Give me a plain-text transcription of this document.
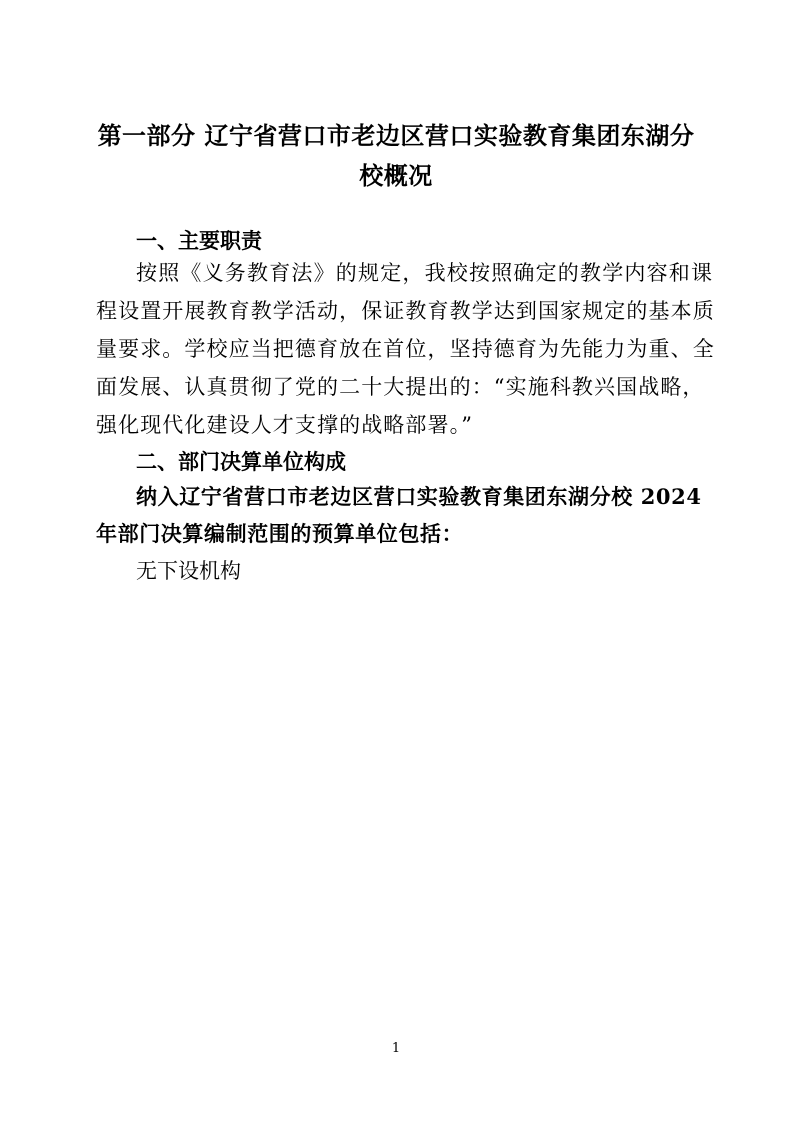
第一部分 辽宁省营口市老边区营口实验教育集团东湖分校概况
一、主要职责
按照《义务教育法》的规定，我校按照确定的教学内容和课
程设置开展教育教学活动，保证教育教学达到国家规定的基本质
量要求。学校应当把德育放在首位，坚持德育为先能力为重、全
面发展、认真贯彻了党的二十大提出的：“实施科教兴国战略，
强化现代化建设人才支撑的战略部署。”
二、部门决算单位构成
纳入辽宁省营口市老边区营口实验教育集团东湖分校 2024
年部门决算编制范围的预算单位包括：
无下设机构
1
